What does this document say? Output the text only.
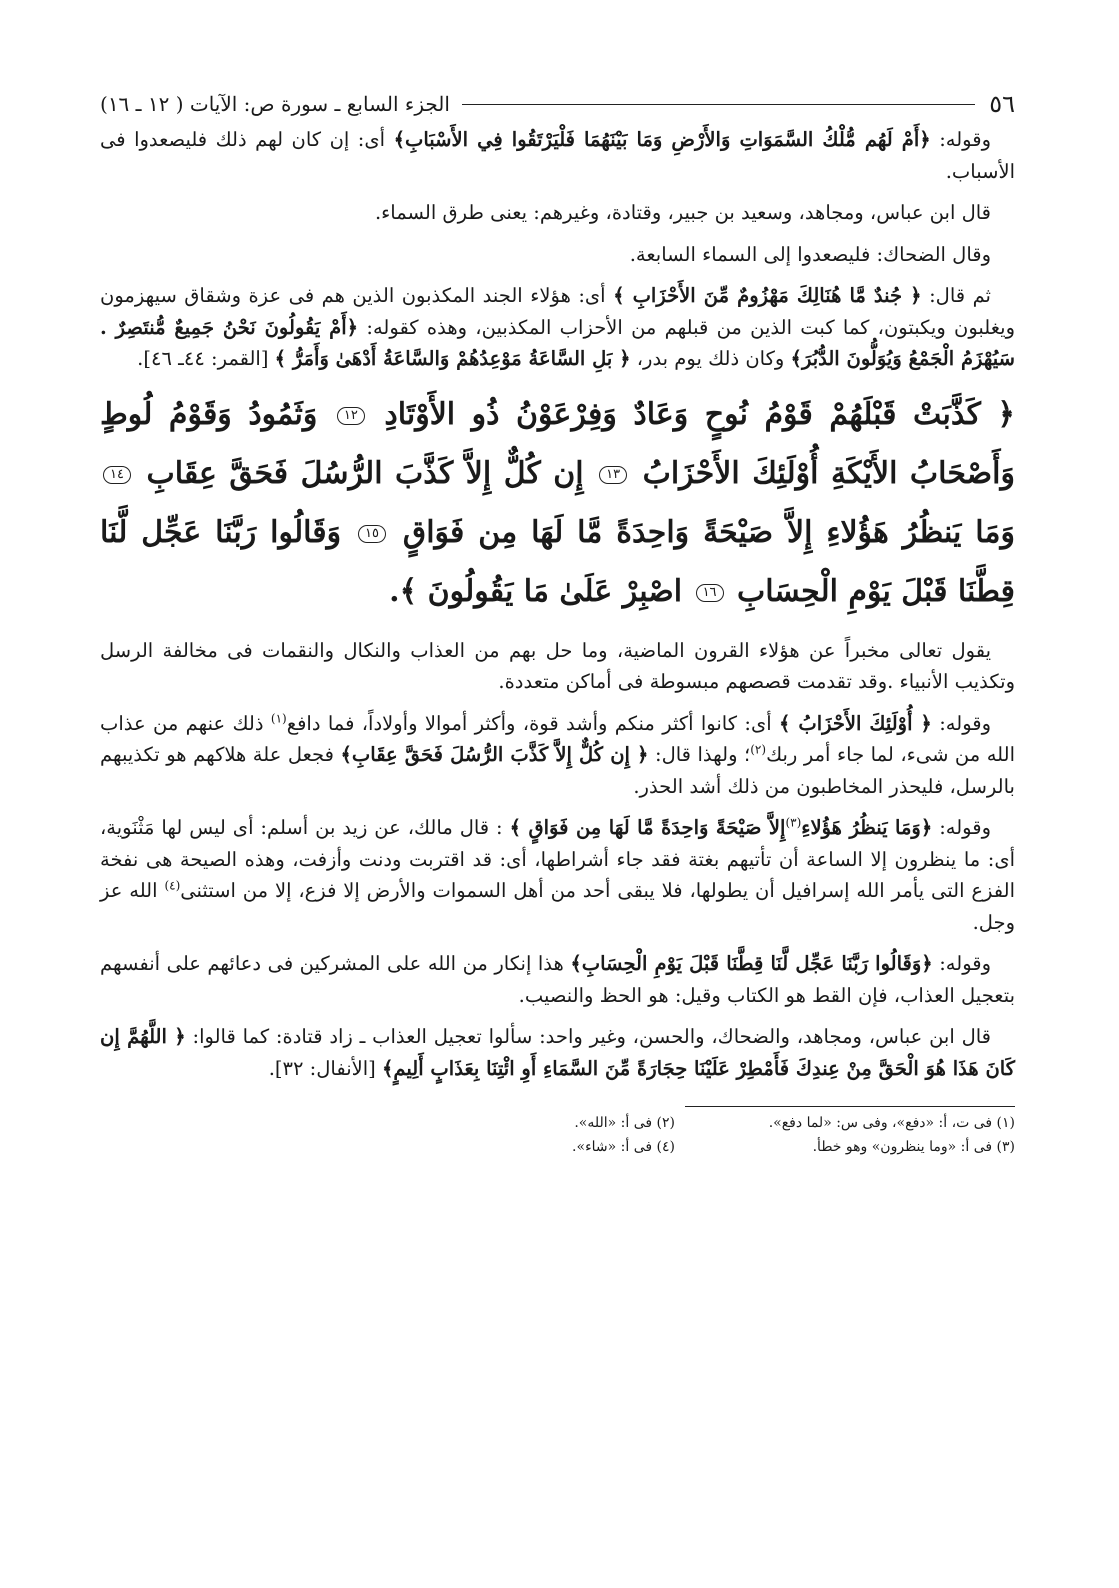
٥٦
الجزء السابع ـ سورة ص: الآيات ( ١٢ ـ ١٦)

وقوله: ﴿أَمْ لَهُم مُّلْكُ السَّمَوَاتِ وَالأَرْضِ وَمَا بَيْنَهُمَا فَلْيَرْتَقُوا فِي الأَسْبَابِ﴾ أى: إن كان لهم ذلك فليصعدوا فى الأسباب.

قال ابن عباس، ومجاهد، وسعيد بن جبير، وقتادة، وغيرهم: يعنى طرق السماء.

وقال الضحاك: فليصعدوا إلى السماء السابعة.

ثم قال: ﴿ جُندٌ مَّا هُنَالِكَ مَهْزُومٌ مِّنَ الأَحْزَابِ ﴾ أى: هؤلاء الجند المكذبون الذين هم فى عزة وشقاق سيهزمون ويغلبون ويكبتون، كما كبت الذين من قبلهم من الأحزاب المكذبين، وهذه كقوله: ﴿أَمْ يَقُولُونَ نَحْنُ جَمِيعٌ مُّنتَصِرٌ . سَيُهْزَمُ الْجَمْعُ وَيُوَلُّونَ الدُّبُرَ﴾ وكان ذلك يوم بدر، ﴿ بَلِ السَّاعَةُ مَوْعِدُهُمْ وَالسَّاعَةُ أَدْهَىٰ وَأَمَرُّ ﴾ [القمر: ٤٤ـ ٤٦].

﴿ كَذَّبَتْ قَبْلَهُمْ قَوْمُ نُوحٍ وَعَادٌ وَفِرْعَوْنُ ذُو الأَوْتَادِ ١٢ وَثَمُودُ وَقَوْمُ لُوطٍ وَأَصْحَابُ الأَيْكَةِ أُوْلَئِكَ الأَحْزَابُ ١٣ إِن كُلٌّ إِلاَّ كَذَّبَ الرُّسُلَ فَحَقَّ عِقَابِ ١٤ وَمَا يَنظُرُ هَؤُلاءِ إِلاَّ صَيْحَةً وَاحِدَةً مَّا لَهَا مِن فَوَاقٍ ١٥ وَقَالُوا رَبَّنَا عَجِّل لَّنَا قِطَّنَا قَبْلَ يَوْمِ الْحِسَابِ ١٦ اصْبِرْ عَلَىٰ مَا يَقُولُونَ ﴾.

يقول تعالى مخبراً عن هؤلاء القرون الماضية، وما حل بهم من العذاب والنكال والنقمات فى مخالفة الرسل وتكذيب الأنبياء .وقد تقدمت قصصهم مبسوطة فى أماكن متعددة.

وقوله: ﴿ أُوْلَئِكَ الأَحْزَابُ ﴾ أى: كانوا أكثر منكم وأشد قوة، وأكثر أموالا وأولاداً، فما دافع$^{(١)}$ ذلك عنهم من عذاب الله من شىء، لما جاء أمر ربك$^{(٢)}$؛ ولهذا قال: ﴿ إِن كُلٌّ إِلاَّ كَذَّبَ الرُّسُلَ فَحَقَّ عِقَابِ﴾ فجعل علة هلاكهم هو تكذيبهم بالرسل، فليحذر المخاطبون من ذلك أشد الحذر.

وقوله: ﴿وَمَا يَنظُرُ هَؤُلاءِ$^{(٣)}$إِلاَّ صَيْحَةً وَاحِدَةً مَّا لَهَا مِن فَوَاقٍ ﴾ : قال مالك، عن زيد بن أسلم: أى ليس لها مَثْنَوية، أى: ما ينظرون إلا الساعة أن تأتيهم بغتة فقد جاء أشراطها، أى: قد اقتربت ودنت وأزفت، وهذه الصيحة هى نفخة الفزع التى يأمر الله إسرافيل أن يطولها، فلا يبقى أحد من أهل السموات والأرض إلا فزع، إلا من استثنى$^{(٤)}$ الله عز وجل.

وقوله: ﴿وَقَالُوا رَبَّنَا عَجِّل لَّنَا قِطَّنَا قَبْلَ يَوْمِ الْحِسَابِ﴾ هذا إنكار من الله على المشركين فى دعائهم على أنفسهم بتعجيل العذاب، فإن القط هو الكتاب وقيل: هو الحظ والنصيب.

قال ابن عباس، ومجاهد، والضحاك، والحسن، وغير واحد: سألوا تعجيل العذاب ـ زاد قتادة: كما قالوا: ﴿ اللَّهُمَّ إِن كَانَ هَذَا هُوَ الْحَقَّ مِنْ عِندِكَ فَأَمْطِرْ عَلَيْنَا حِجَارَةً مِّنَ السَّمَاءِ أَوِ ائْتِنَا بِعَذَابٍ أَلِيمٍ﴾ [الأنفال: ٣٢].

(١) فى ت، أ: «دفع»، وفى س: «لما دفع».
(٢) فى أ: «الله».
(٣) فى أ: «وما ينظرون» وهو خطأ.
(٤) فى أ: «شاء».
